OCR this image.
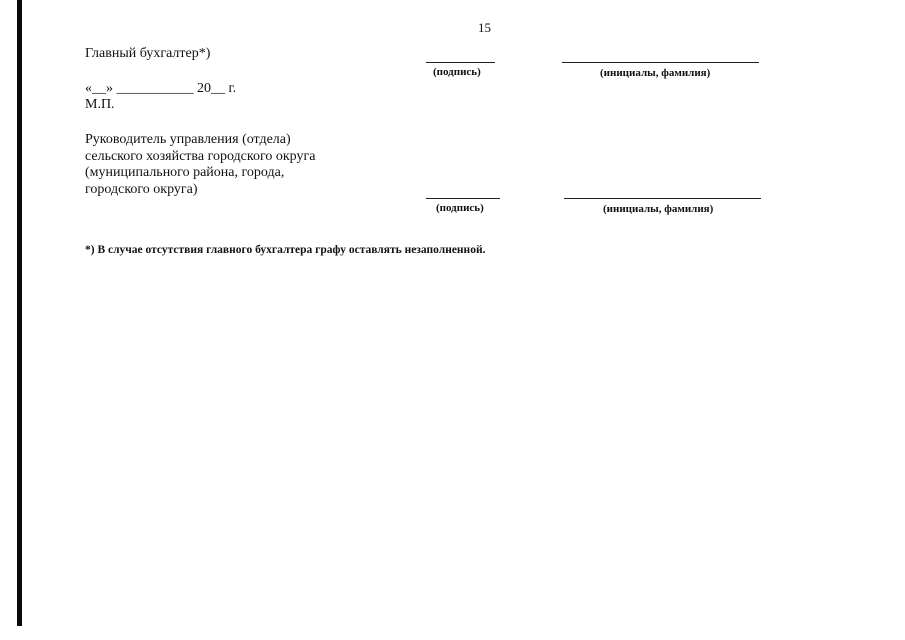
15
Главный бухгалтер*)
(подпись)	(инициалы, фамилия)
«__» ___________ 20__ г.
М.П.
Руководитель управления (отдела)
сельского хозяйства городского округа
(муниципального района, города,
городского округа)
(подпись)	(инициалы, фамилия)
*) В случае отсутствия главного бухгалтера графу оставлять незаполненной.
